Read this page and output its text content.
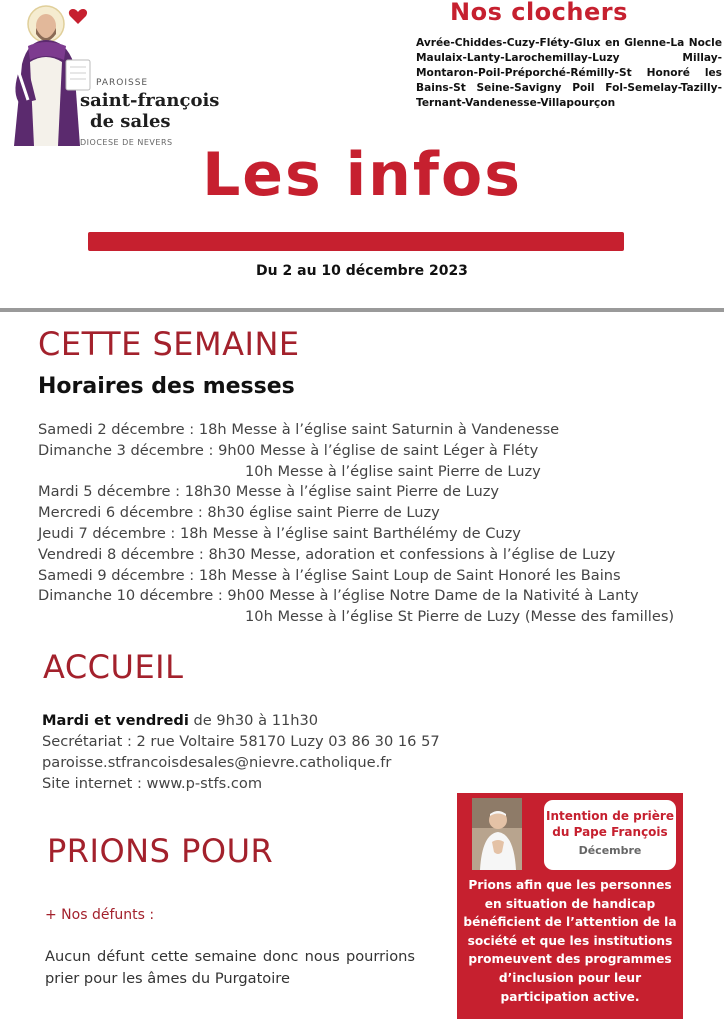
PAROISSE
saint-françois
de sales
DIOCESE DE NEVERS
Nos clochers
Avrée-Chiddes-Cuzy-Fléty-Glux en Glenne-La Nocle Maulaix-Lanty-Larochemillay-Luzy Millay-Montaron-Poil-Préporché-Rémilly-St Honoré les Bains-St Seine-Savigny Poil Fol-Semelay-Tazilly-Ternant-Vandenesse-Villapourçon
Les infos
Du 2 au 10 décembre 2023
CETTE SEMAINE
Horaires des messes
Samedi 2 décembre : 18h Messe à l’église saint Saturnin à Vandenesse
Dimanche 3 décembre : 9h00 Messe à l’église de saint Léger à Fléty
10h Messe à l’église saint Pierre de Luzy
Mardi 5 décembre : 18h30 Messe à l’église saint Pierre de Luzy
Mercredi 6 décembre : 8h30 église saint Pierre de Luzy
Jeudi 7 décembre : 18h Messe à l’église saint Barthélémy de Cuzy
Vendredi 8 décembre : 8h30 Messe, adoration et confessions à l’église de Luzy
Samedi 9 décembre : 18h Messe à l’église Saint Loup de Saint Honoré les Bains
Dimanche 10 décembre : 9h00 Messe à l’église Notre Dame de la Nativité à Lanty
10h Messe à l’église St Pierre de Luzy (Messe des familles)
ACCUEIL
Mardi et vendredi de 9h30 à 11h30
Secrétariat : 2 rue Voltaire 58170 Luzy 03 86 30 16 57
paroisse.stfrancoisdesales@nievre.catholique.fr
Site internet : www.p-stfs.com
PRIONS POUR
+ Nos défunts :
Aucun défunt cette semaine donc nous pourrions prier pour les âmes du Purgatoire
Intention de prière du Pape François
Décembre
Prions afin que les personnes en situation de handicap bénéficient de l’attention de la société et que les institutions promeuvent des programmes d’inclusion pour leur participation active.
